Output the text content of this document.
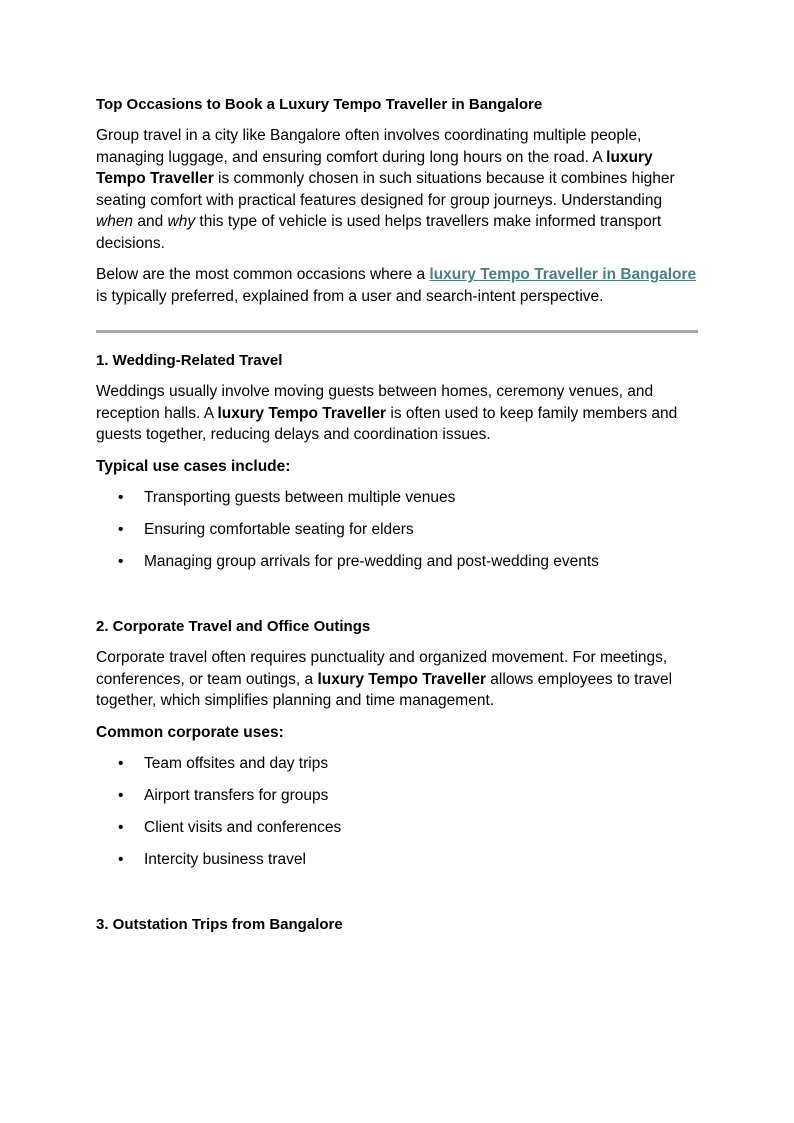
Top Occasions to Book a Luxury Tempo Traveller in Bangalore

Group travel in a city like Bangalore often involves coordinating multiple people, managing luggage, and ensuring comfort during long hours on the road. A luxury Tempo Traveller is commonly chosen in such situations because it combines higher seating comfort with practical features designed for group journeys. Understanding when and why this type of vehicle is used helps travellers make informed transport decisions.

Below are the most common occasions where a luxury Tempo Traveller in Bangalore is typically preferred, explained from a user and search-intent perspective.

1. Wedding-Related Travel

Weddings usually involve moving guests between homes, ceremony venues, and reception halls. A luxury Tempo Traveller is often used to keep family members and guests together, reducing delays and coordination issues.

Typical use cases include:

• Transporting guests between multiple venues
• Ensuring comfortable seating for elders
• Managing group arrivals for pre-wedding and post-wedding events
2. Corporate Travel and Office Outings

Corporate travel often requires punctuality and organized movement. For meetings, conferences, or team outings, a luxury Tempo Traveller allows employees to travel together, which simplifies planning and time management.

Common corporate uses:

• Team offsites and day trips
• Airport transfers for groups
• Client visits and conferences
• Intercity business travel
3. Outstation Trips from Bangalore
